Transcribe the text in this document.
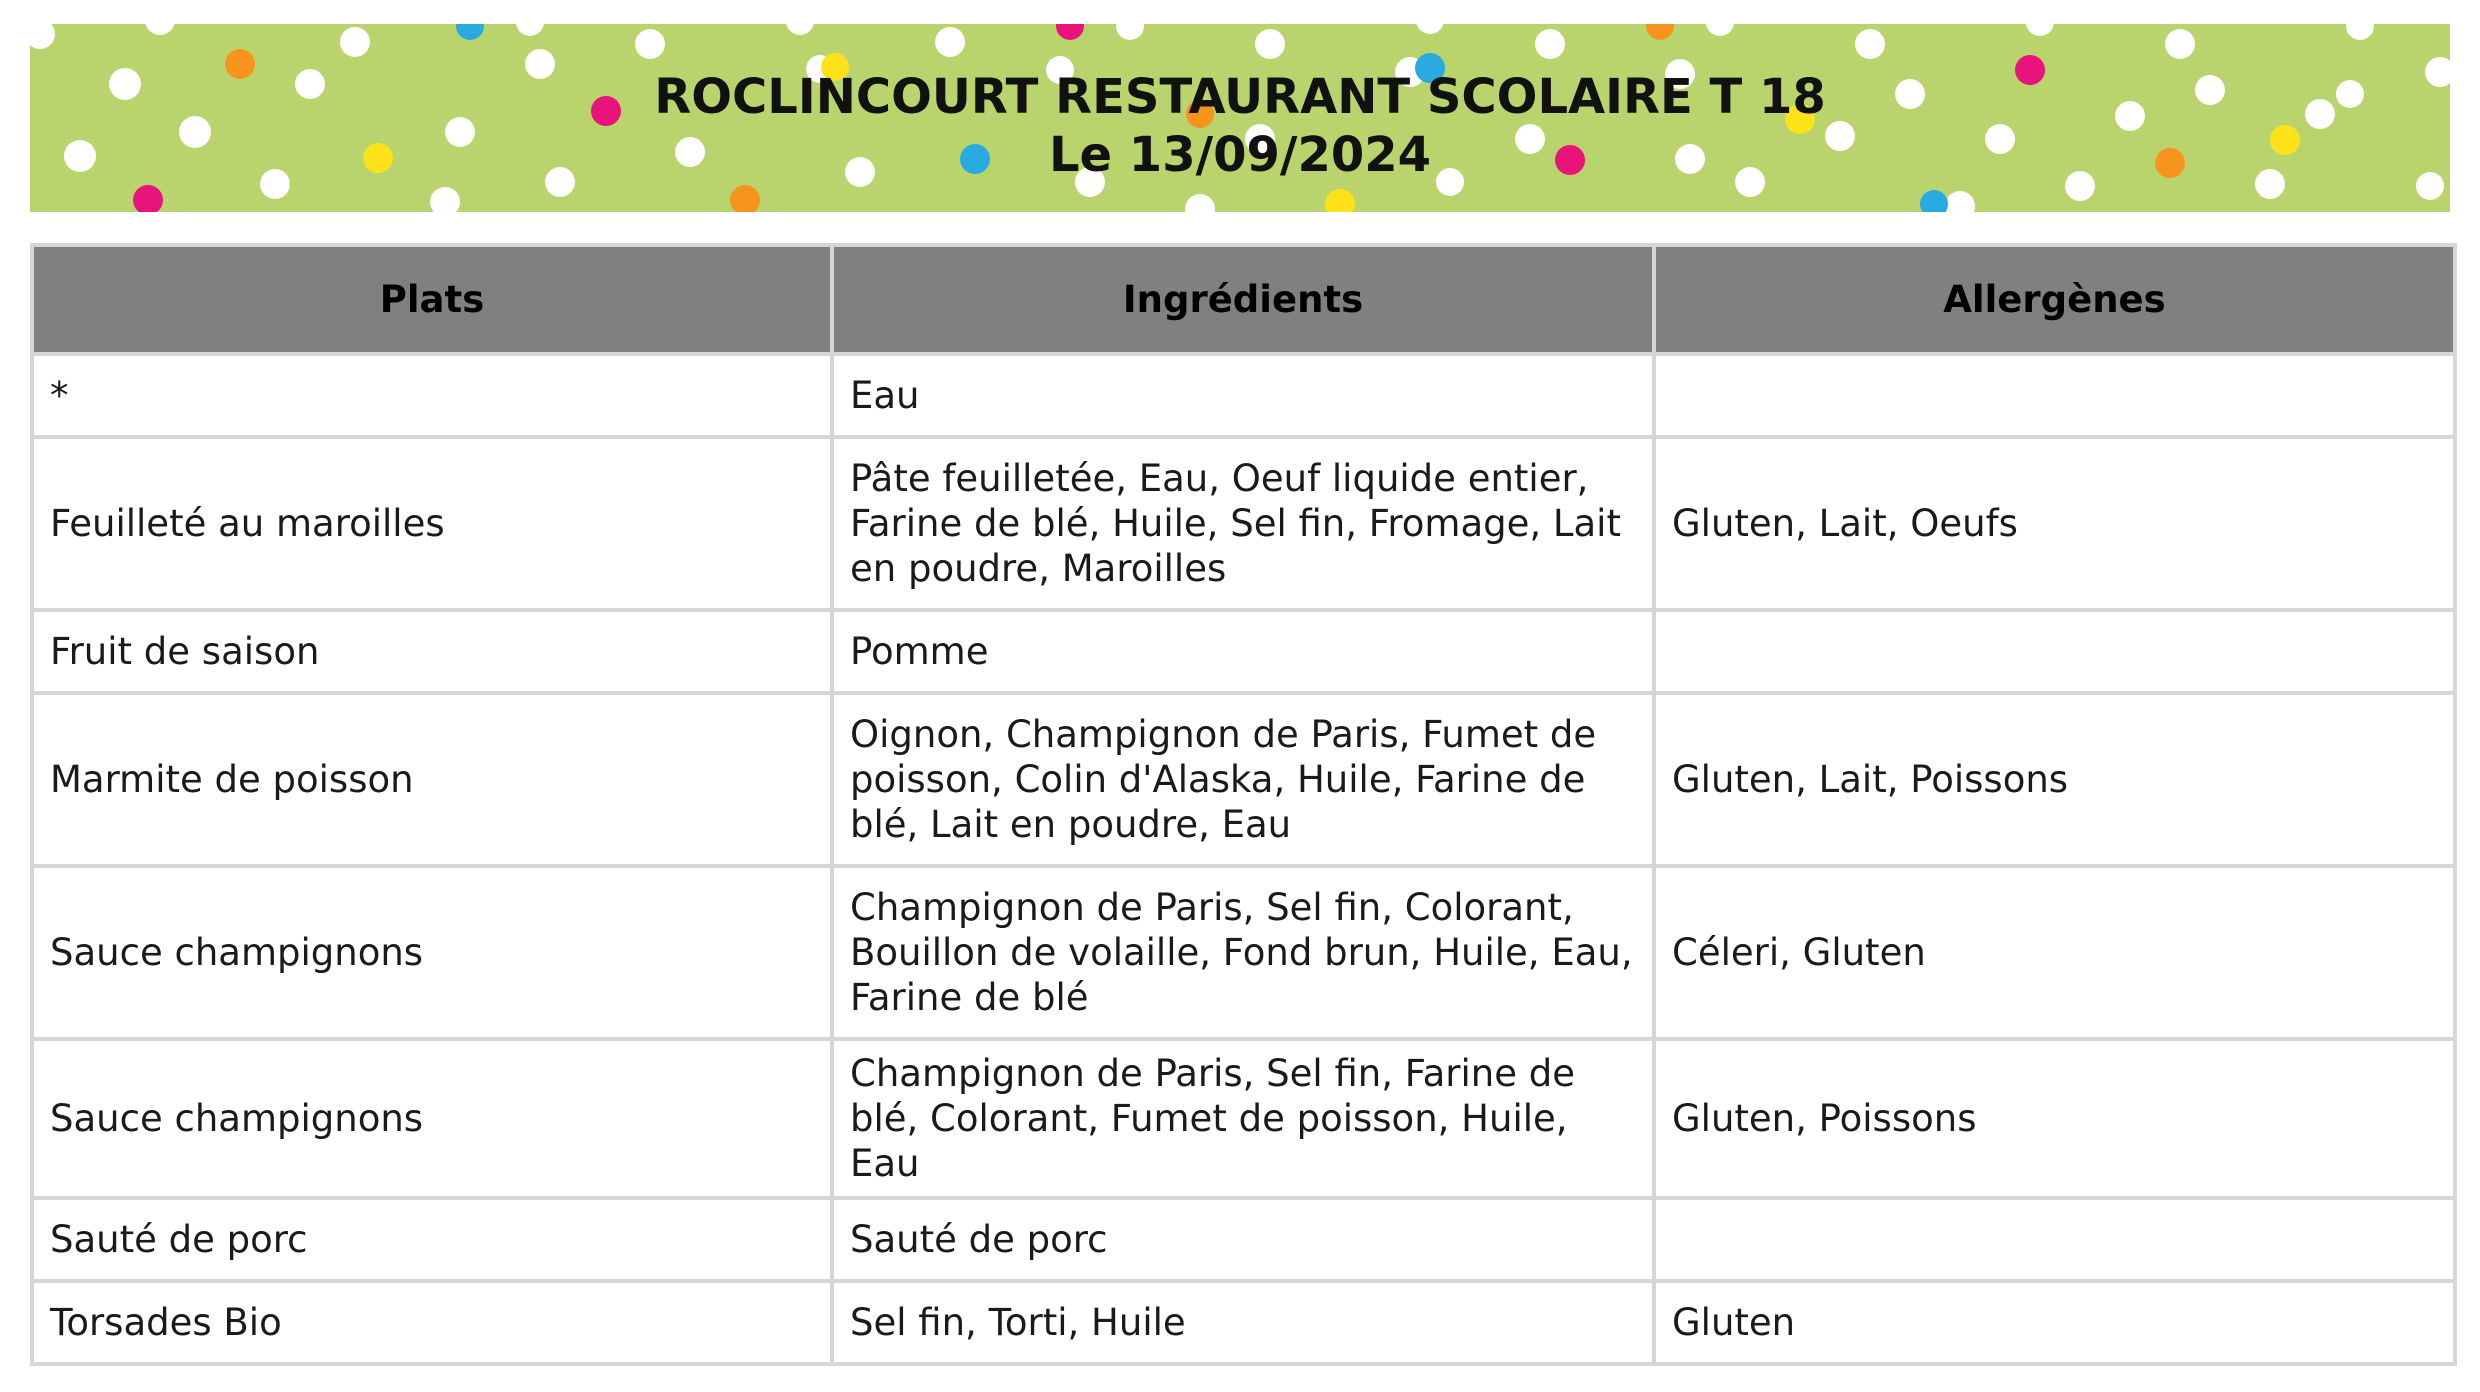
ROCLINCOURT RESTAURANT SCOLAIRE T 18
Le 13/09/2024
Plats	Ingrédients	Allergènes
*	Eau	
Feuilleté au maroilles	Pâte feuilletée, Eau, Oeuf liquide entier, Farine de blé, Huile, Sel fin, Fromage, Lait en poudre, Maroilles	Gluten, Lait, Oeufs
Fruit de saison	Pomme	
Marmite de poisson	Oignon, Champignon de Paris, Fumet de poisson, Colin d'Alaska, Huile, Farine de blé, Lait en poudre, Eau	Gluten, Lait, Poissons
Sauce champignons	Champignon de Paris, Sel fin, Colorant, Bouillon de volaille, Fond brun, Huile, Eau, Farine de blé	Céleri, Gluten
Sauce champignons	Champignon de Paris, Sel fin, Farine de blé, Colorant, Fumet de poisson, Huile, Eau	Gluten, Poissons
Sauté de porc	Sauté de porc	
Torsades Bio	Sel fin, Torti, Huile	Gluten
